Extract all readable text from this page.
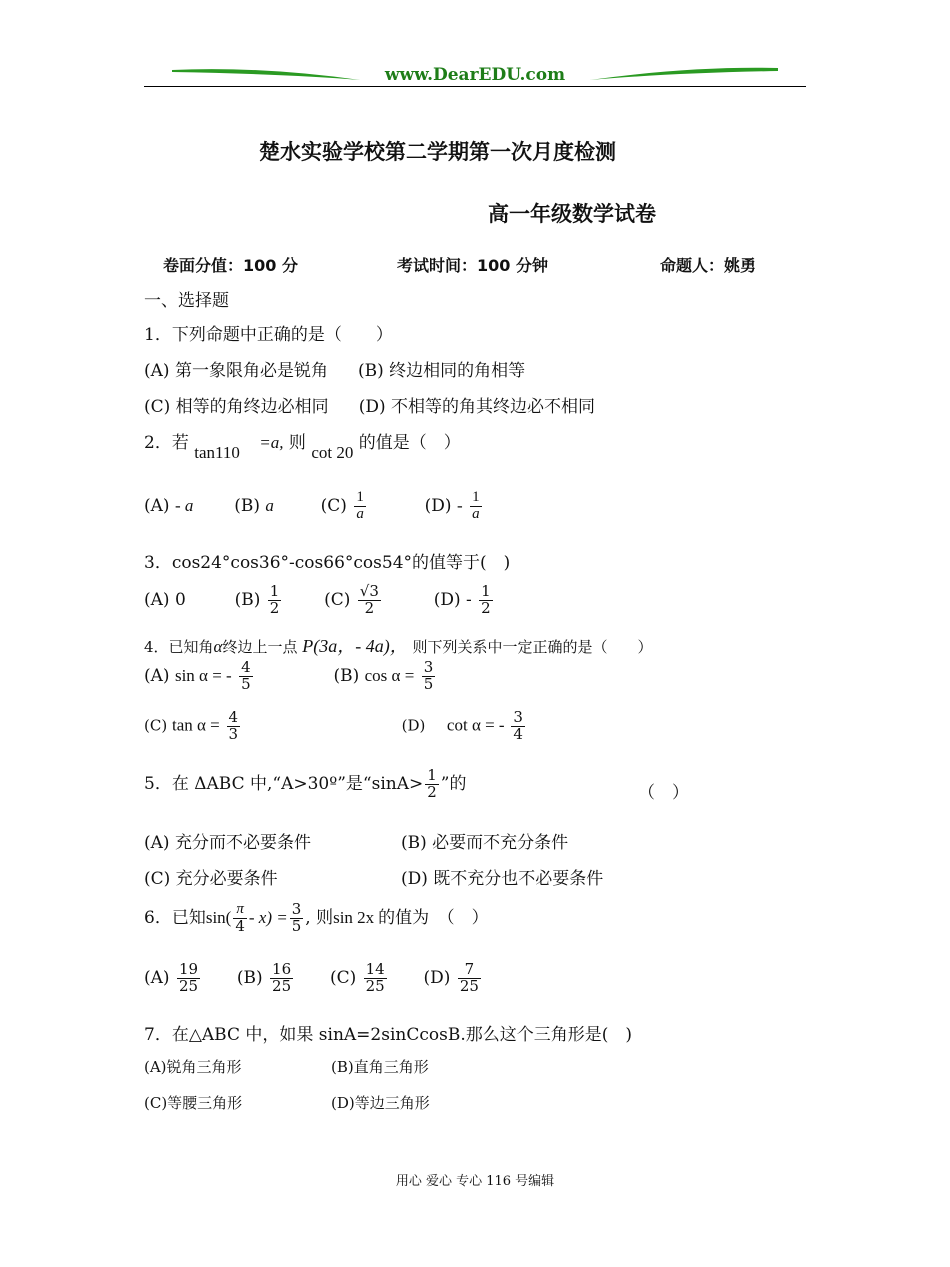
www.DearEDU.com
楚水实验学校第二学期第一次月度检测
高一年级数学试卷
卷面分值：100 分	考试时间：100 分钟	命题人：姚勇
一、选择题
1．下列命题中正确的是（　　）
(A) 第一象限角必是锐角 (B) 终边相同的角相等
(C) 相等的角终边必相同 (D) 不相等的角其终边必不相同
2．若 tan110 =a, 则 cot 20 的值是（　）
(A) - a (B) a	$(C) \frac{1}{a}$	$(D) - \frac{1}{a}$
3．cos24°cos36°-cos66°cos54°的值等于(　)
(A) 0	$(B) \frac{1}{2}$	$(C) \frac{√3}{2}$	$(D) - \frac{1}{2}$
4．已知角α终边上一点 P(3a，- 4a)， 则下列关系中一定正确的是（　　）
(A) sin α = - $\frac{4}{5}$	(B) $\cos \alpha = \frac{3}{5}$
(C) $\tan \alpha = \frac{4}{3}$	(D) cot α = - $\frac{3}{4}$
5．在 ΔABC 中,“A>30º”是“$\sin A> \frac{1}{2}$ ”的	（　）
(A) 充分而不必要条件	(B) 必要而不充分条件
(C) 充分必要条件	(D) 既不充分也不必要条件
6．已知$\sin( \frac{\pi}{4} - x) = \frac{3}{5}$ , 则sin 2x 的值为　（　）
$(A) \frac{19}{25} (B) \frac{16}{25} (C) \frac{14}{25} (D) \frac{7}{25}$
7．在△ABC 中，如果 sinA=2sinCcosB.那么这个三角形是(　)
(A)锐角三角形	(B)直角三角形
(C)等腰三角形	(D)等边三角形
用心 爱心 专心 116 号编辑
